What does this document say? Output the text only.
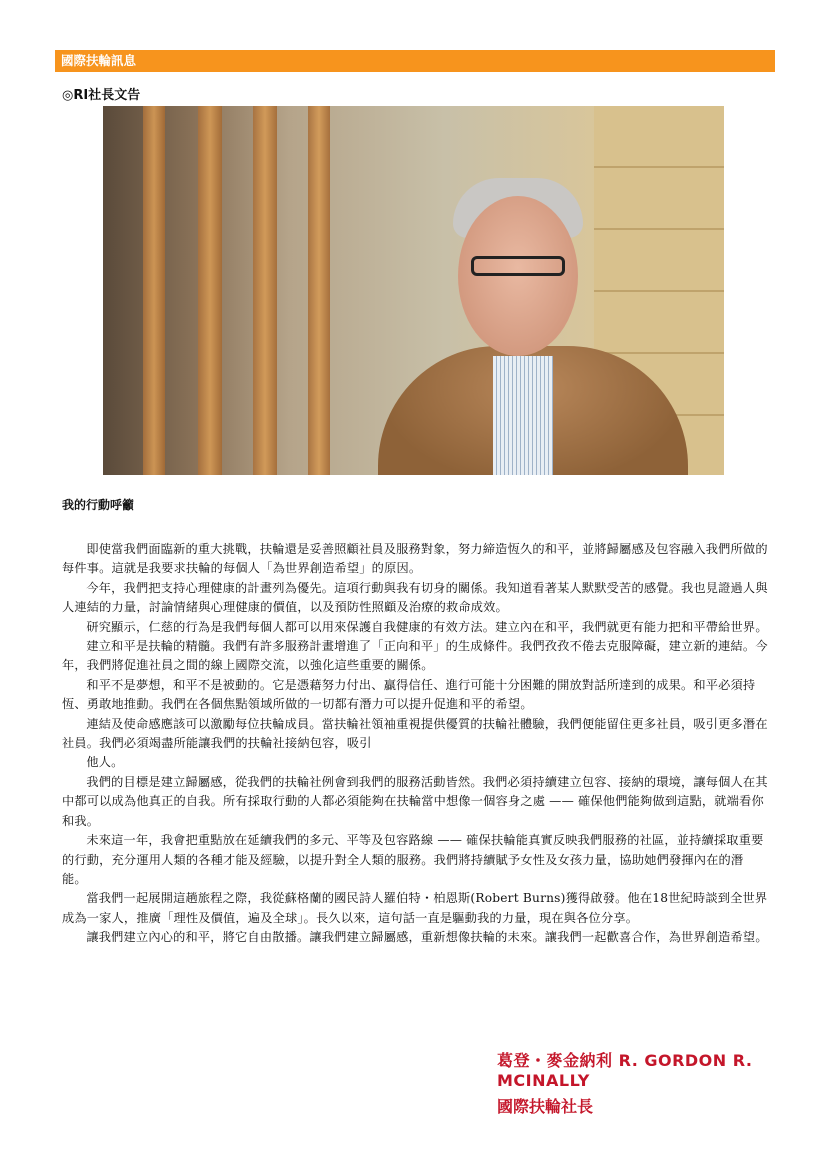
國際扶輪訊息
◎RI社長文告
我的行動呼籲

即使當我們面臨新的重大挑戰，扶輪還是妥善照顧社員及服務對象，努力締造恆久的和平，並將歸屬感及包容融入我們所做的每件事。這就是我要求扶輪的每個人「為世界創造希望」的原因。

今年，我們把支持心理健康的計畫列為優先。這項行動與我有切身的關係。我知道看著某人默默受苦的感覺。我也見證過人與人連結的力量，討論情緒與心理健康的價值，以及預防性照顧及治療的救命成效。

研究顯示，仁慈的行為是我們每個人都可以用來保護自我健康的有效方法。建立內在和平，我們就更有能力把和平帶給世界。

建立和平是扶輪的精髓。我們有許多服務計畫增進了「正向和平」的生成條件。我們孜孜不倦去克服障礙，建立新的連結。今年，我們將促進社員之間的線上國際交流，以強化這些重要的關係。

和平不是夢想，和平不是被動的。它是憑藉努力付出、贏得信任、進行可能十分困難的開放對話所達到的成果。和平必須持恆、勇敢地推動。我們在各個焦點領域所做的一切都有潛力可以提升促進和平的希望。

連結及使命感應該可以激勵每位扶輪成員。當扶輪社領袖重視提供優質的扶輪社體驗，我們便能留住更多社員，吸引更多潛在社員。我們必須竭盡所能讓我們的扶輪社接納包容，吸引

他人。

我們的目標是建立歸屬感，從我們的扶輪社例會到我們的服務活動皆然。我們必須持續建立包容、接納的環境，讓每個人在其中都可以成為他真正的自我。所有採取行動的人都必須能夠在扶輪當中想像一個容身之處 —— 確保他們能夠做到這點，就端看你和我。

未來這一年，我會把重點放在延續我們的多元、平等及包容路線 —— 確保扶輪能真實反映我們服務的社區，並持續採取重要的行動，充分運用人類的各種才能及經驗，以提升對全人類的服務。我們將持續賦予女性及女孩力量，協助她們發揮內在的潛能。

當我們一起展開這趟旅程之際，我從蘇格蘭的國民詩人羅伯特・柏恩斯(Robert Burns)獲得啟發。他在18世紀時談到全世界成為一家人，推廣「理性及價值，遍及全球」。長久以來，這句話一直是驅動我的力量，現在與各位分享。

讓我們建立內心的和平，將它自由散播。讓我們建立歸屬感，重新想像扶輪的未來。讓我們一起歡喜合作，為世界創造希望。

葛登・麥金納利 R. GORDON R. MCINALLY
國際扶輪社長
